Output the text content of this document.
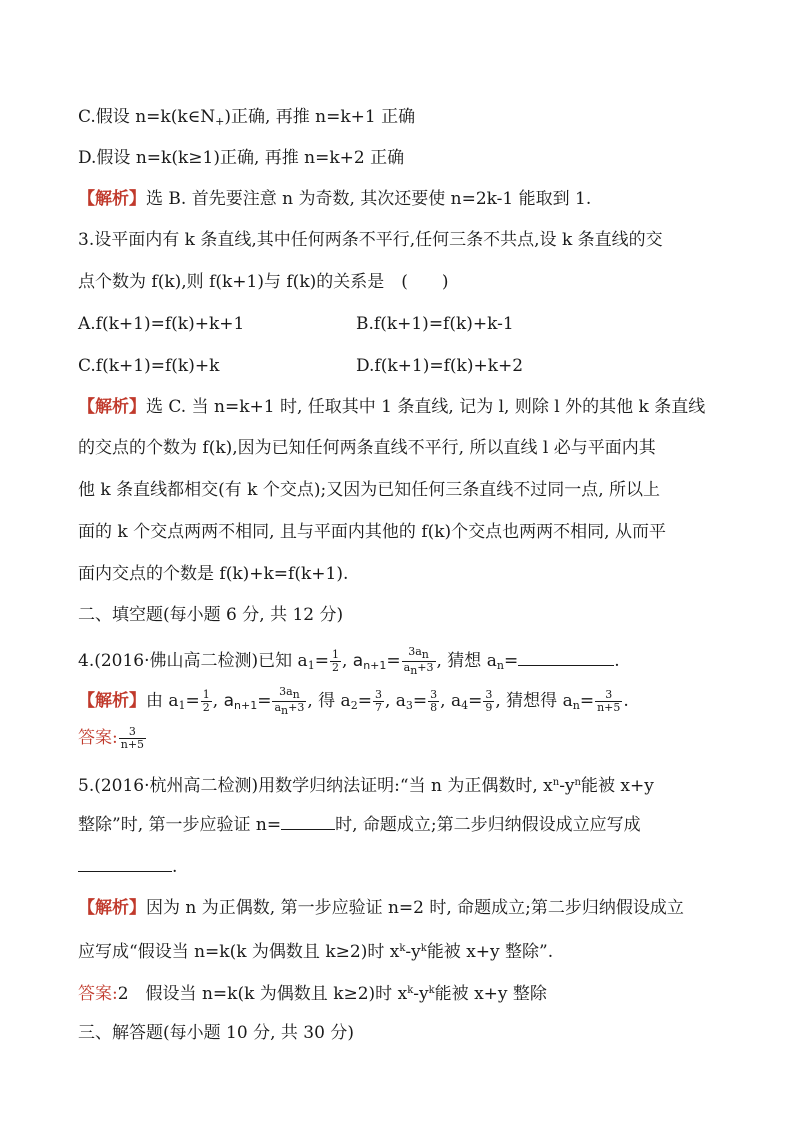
C.假设 $n=k(k\in N_+)$正确, 再推 n=k+1 正确
D.假设 n=k(k≥1)正确, 再推 n=k+2 正确
【解析】选 B. 首先要注意 n 为奇数, 其次还要使 n=2k-1 能取到 1.
3.设平面内有 k 条直线,其中任何两条不平行,任何三条不共点,设 k 条直线的交
点个数为 f(k),则 f(k+1)与 f(k)的关系是　(　　)
A.f(k+1)=f(k)+k+1	B.f(k+1)=f(k)+k-1
C.f(k+1)=f(k)+k	D.f(k+1)=f(k)+k+2
【解析】选 C. 当 n=k+1 时, 任取其中 1 条直线, 记为 l, 则除 l 外的其他 k 条直线
的交点的个数为 f(k),因为已知任何两条直线不平行, 所以直线 l 必与平面内其
他 k 条直线都相交(有 k 个交点);又因为已知任何三条直线不过同一点, 所以上
面的 k 个交点两两不相同, 且与平面内其他的 f(k)个交点也两两不相同, 从而平
面内交点的个数是 f(k)+k=f(k+1).
二、填空题(每小题 6 分, 共 12 分)
4.(2016·佛山高二检测)已知 $a_1= \frac{1}{2}$ , $a_{n+1}= \frac{3an}{an+3}$ , 猜想 $a_n=$	.
【解析】由 $a_1= \frac{1}{2}$ , $a_{n+1}= \frac{3an}{an+3}$ , 得 $a_2= \frac{3}{7}$ , $a_3= \frac{3}{8}$ , $a_4= \frac{3}{9}$ , 猜想得 $a_n= \frac{3}{n+5}$ .
答案: $\frac{3}{n+5}$
5.(2016·杭州高二检测)用数学归纳法证明:“当 n 为正偶数时, $x^n-y^n$能被 x+y
整除”时, 第一步应验证 n=	时, 命题成立;第二步归纳假设成立应写成
.
【解析】因为 n 为正偶数, 第一步应验证 n=2 时, 命题成立;第二步归纳假设成立
应写成“假设当 n=k(k 为偶数且 k≥2)时 $x^k-y^k$能被 x+y 整除”.
答案:2　假设当 n=k(k 为偶数且 k≥2)时 $x^k-y^k$能被 x+y 整除
三、解答题(每小题 10 分, 共 30 分)
